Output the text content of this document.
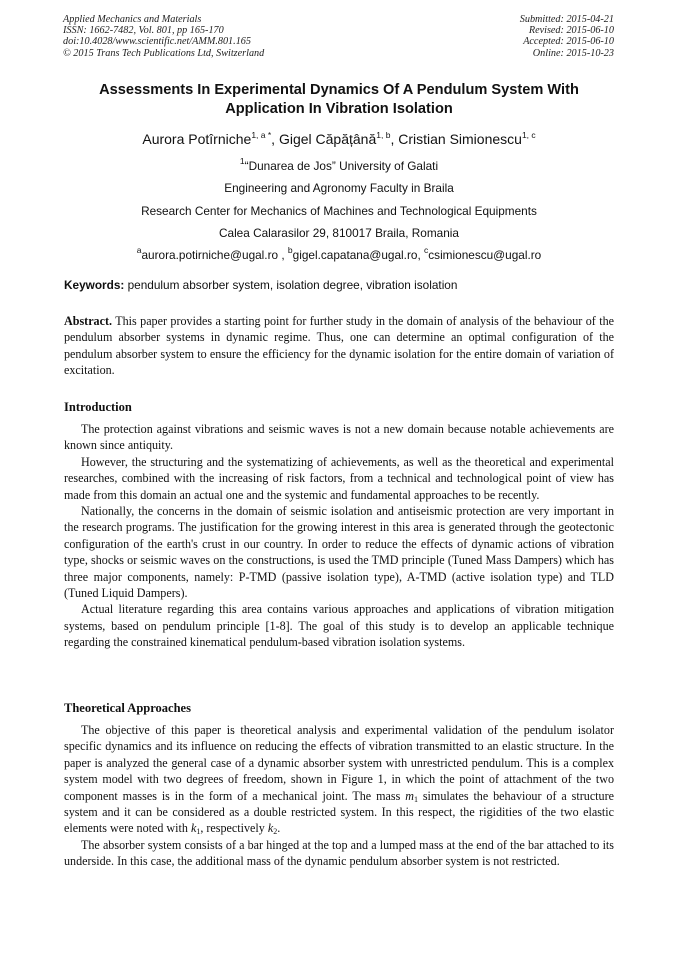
Applied Mechanics and Materials
ISSN: 1662-7482, Vol. 801, pp 165-170
doi:10.4028/www.scientific.net/AMM.801.165
© 2015 Trans Tech Publications Ltd, Switzerland
Submitted: 2015-04-21
Revised: 2015-06-10
Accepted: 2015-06-10
Online: 2015-10-23
Assessments In Experimental Dynamics Of A Pendulum System With
Application In Vibration Isolation
Aurora Potîrniche$^{1, a *}$, Gigel Căpățână$^{1, b}$, Cristian Simionescu$^{1, c}$
$^1$“Dunarea de Jos” University of Galati
Engineering and Agronomy Faculty in Braila
Research Center for Mechanics of Machines and Technological Equipments
Calea Calarasilor 29, 810017 Braila, Romania
$^a$aurora.potirniche@ugal.ro , $^b$gigel.capatana@ugal.ro, $^c$csimionescu@ugal.ro
Keywords: pendulum absorber system, isolation degree, vibration isolation

Abstract. This paper provides a starting point for further study in the domain of analysis of the behaviour of the pendulum absorber systems in dynamic regime. Thus, one can determine an optimal configuration of the pendulum absorber system to ensure the efficiency for the dynamic isolation for the entire domain of variation of excitation.

Introduction

The protection against vibrations and seismic waves is not a new domain because notable achievements are known since antiquity.

However, the structuring and the systematizing of achievements, as well as the theoretical and experimental researches, combined with the increasing of risk factors, from a technical and technological point of view has made from this domain an actual one and the systemic and fundamental approaches to be recently.

Nationally, the concerns in the domain of seismic isolation and antiseismic protection are very important in the research programs. The justification for the growing interest in this area is generated through the geotectonic configuration of the earth's crust in our country. In order to reduce the effects of dynamic actions of vibration type, shocks or seismic waves on the constructions, is used the TMD principle (Tuned Mass Dampers) which has three major components, namely: P-TMD (passive isolation type), A-TMD (active isolation type) and TLD (Tuned Liquid Dampers).

Actual literature regarding this area contains various approaches and applications of vibration mitigation systems, based on pendulum principle [1-8]. The goal of this study is to develop an applicable technique regarding the constrained kinematical pendulum-based vibration isolation systems.

Theoretical Approaches

The objective of this paper is theoretical analysis and experimental validation of the pendulum isolator specific dynamics and its influence on reducing the effects of vibration transmitted to an elastic structure. In the paper is analyzed the general case of a dynamic absorber system with unrestricted pendulum. This is a complex system model with two degrees of freedom, shown in Figure 1, in which the point of attachment of the two component masses is in the form of a mechanical joint. The mass $m_1$ simulates the behaviour of a structure system and it can be considered as a double restricted system. In this respect, the rigidities of the two elastic elements were noted with $k_1$, respectively $k_2$.

The absorber system consists of a bar hinged at the top and a lumped mass at the end of the bar attached to its underside. In this case, the additional mass of the dynamic pendulum absorber system is not restricted.
